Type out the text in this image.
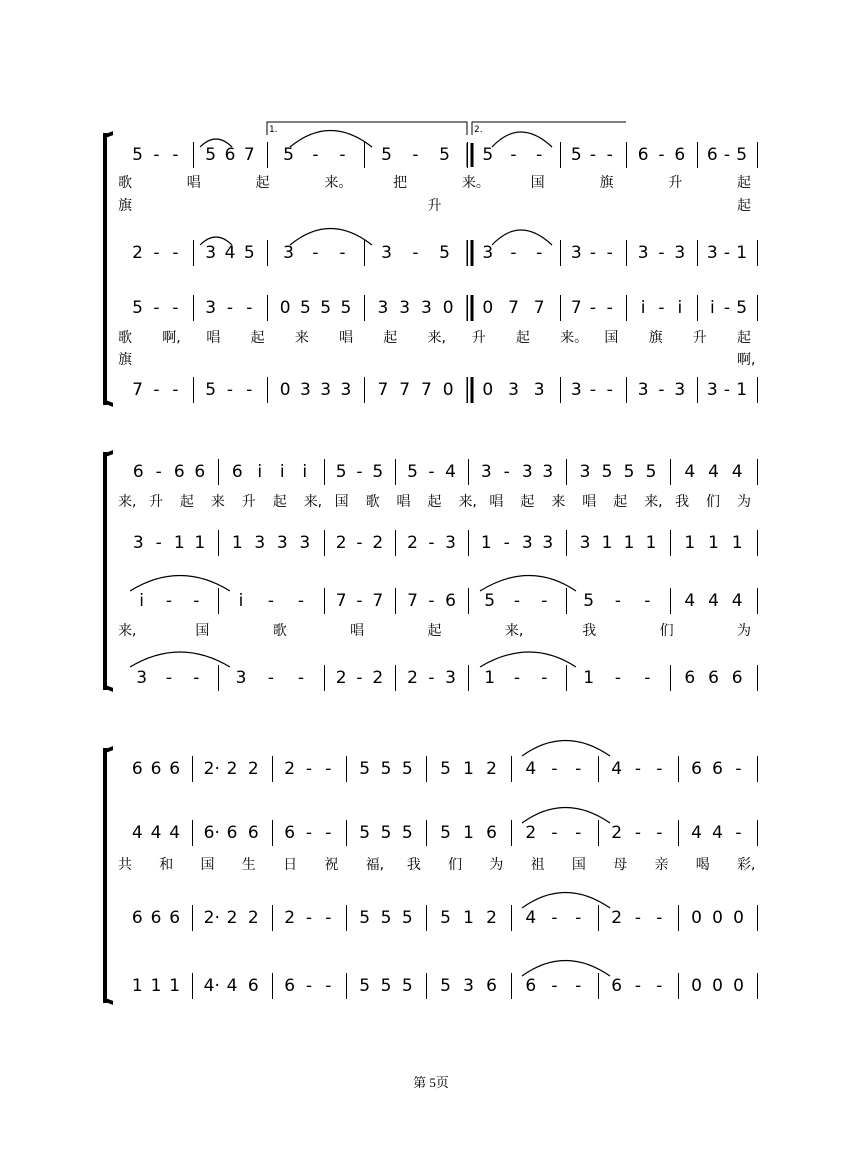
5 - - 5 6 7 5 - - 5 - 5 5 - - 5 - - 6 - 6 6 - 5
歌	唱	起	来。	把	来。	国	旗	升	起
旗	升	起
2 - - 3 4 5 3 - - 3 - 5 3 - - 3 - - 3 - 3 3 - 1
5 - - 3 - - 0 5 5 5 3 3 3 0 0 7 7 7 - - i - i i - 5
歌 啊, 唱 起 来 唱 起 来, 升 起 来。 国 旗 升 起
旗	啊,
7 - - 5 - - 0 3 3 3 7 7 7 0 0 3 3 3 - - 3 - 3 3 - 1
6 - 6 6 6 i i i 5 - 5 5 - 4 3 - 3 3 3 5 5 5 4 4 4
来, 升 起 来 升 起 来, 国 歌 唱 起 来, 唱 起 来 唱 起 来, 我 们 为
3 - 1 1 1 3 3 3 2 - 2 2 - 3 1 - 3 3 3 1 1 1 1 1 1
i - - i - - 7 - 7 7 - 6 5 - - 5 - - 4 4 4
来,	国	歌	唱	起	来,	我	们	为
3 - - 3 - - 2 - 2 2 - 3 1 - - 1 - - 6 6 6
6 6 6 2· 2 2 2 - - 5 5 5 5 1 2 4 - - 4 - - 6 6 -
4 4 4 6· 6 6 6 - - 5 5 5 5 1 6 2 - - 2 - - 4 4 -
共 和 国 生 日 祝 福, 我 们 为 祖 国 母 亲 喝 彩,
6 6 6 2· 2 2 2 - - 5 5 5 5 1 2 4 - - 2 - - 0 0 0
1 1 1 4· 4 6 6 - - 5 5 5 5 3 6 6 - - 6 - - 0 0 0
1.	2.
第 5页
